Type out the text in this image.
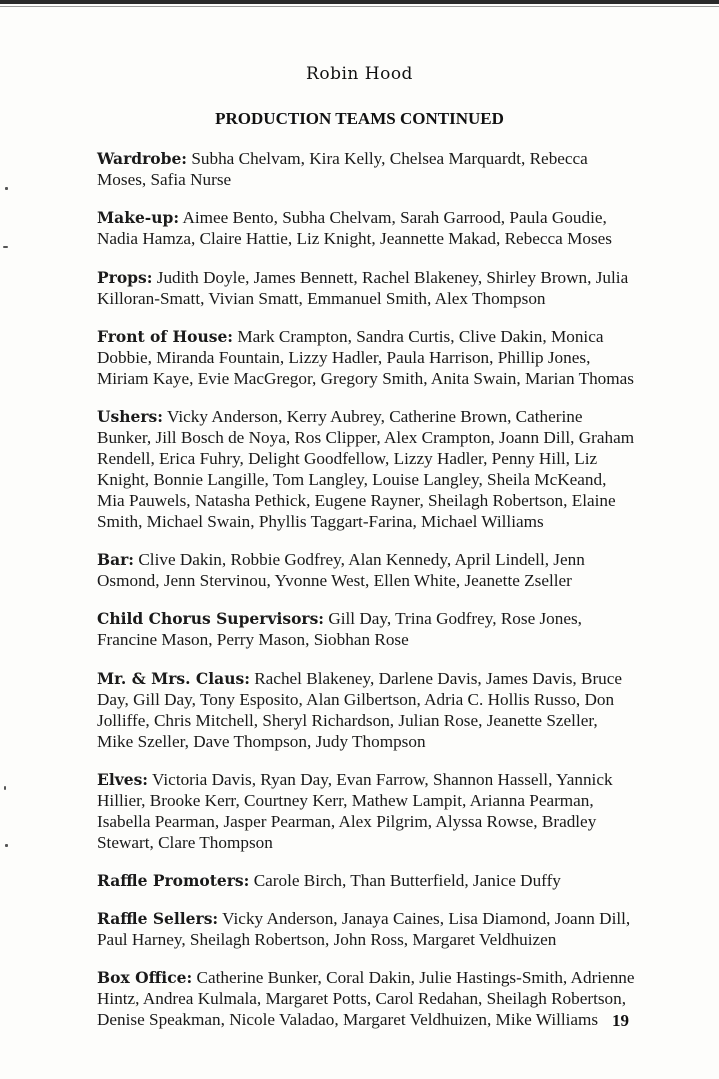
Robin Hood
PRODUCTION TEAMS CONTINUED

Wardrobe: Subha Chelvam, Kira Kelly, Chelsea Marquardt, Rebecca Moses, Safia Nurse

Make-up: Aimee Bento, Subha Chelvam, Sarah Garrood, Paula Goudie, Nadia Hamza, Claire Hattie, Liz Knight, Jeannette Makad, Rebecca Moses

Props: Judith Doyle, James Bennett, Rachel Blakeney, Shirley Brown, Julia Killoran-Smatt, Vivian Smatt, Emmanuel Smith, Alex Thompson

Front of House: Mark Crampton, Sandra Curtis, Clive Dakin, Monica Dobbie, Miranda Fountain, Lizzy Hadler, Paula Harrison, Phillip Jones, Miriam Kaye, Evie MacGregor, Gregory Smith, Anita Swain, Marian Thomas

Ushers: Vicky Anderson, Kerry Aubrey, Catherine Brown, Catherine Bunker, Jill Bosch de Noya, Ros Clipper, Alex Crampton, Joann Dill, Graham Rendell, Erica Fuhry, Delight Goodfellow, Lizzy Hadler, Penny Hill, Liz Knight, Bonnie Langille, Tom Langley, Louise Langley, Sheila McKeand, Mia Pauwels, Natasha Pethick, Eugene Rayner, Sheilagh Robertson, Elaine Smith, Michael Swain, Phyllis Taggart-Farina, Michael Williams

Bar: Clive Dakin, Robbie Godfrey, Alan Kennedy, April Lindell, Jenn Osmond, Jenn Stervinou, Yvonne West, Ellen White, Jeanette Zseller

Child Chorus Supervisors: Gill Day, Trina Godfrey, Rose Jones, Francine Mason, Perry Mason, Siobhan Rose

Mr. & Mrs. Claus: Rachel Blakeney, Darlene Davis, James Davis, Bruce Day, Gill Day, Tony Esposito, Alan Gilbertson, Adria C. Hollis Russo, Don Jolliffe, Chris Mitchell, Sheryl Richardson, Julian Rose, Jeanette Szeller, Mike Szeller, Dave Thompson, Judy Thompson

Elves: Victoria Davis, Ryan Day, Evan Farrow, Shannon Hassell, Yannick Hillier, Brooke Kerr, Courtney Kerr, Mathew Lampit, Arianna Pearman, Isabella Pearman, Jasper Pearman, Alex Pilgrim, Alyssa Rowse, Bradley Stewart, Clare Thompson

Raffle Promoters: Carole Birch, Than Butterfield, Janice Duffy

Raffle Sellers: Vicky Anderson, Janaya Caines, Lisa Diamond, Joann Dill, Paul Harney, Sheilagh Robertson, John Ross, Margaret Veldhuizen

Box Office: Catherine Bunker, Coral Dakin, Julie Hastings-Smith, Adrienne Hintz, Andrea Kulmala, Margaret Potts, Carol Redahan, Sheilagh Robertson, Denise Speakman, Nicole Valadao, Margaret Veldhuizen, Mike Williams 19
